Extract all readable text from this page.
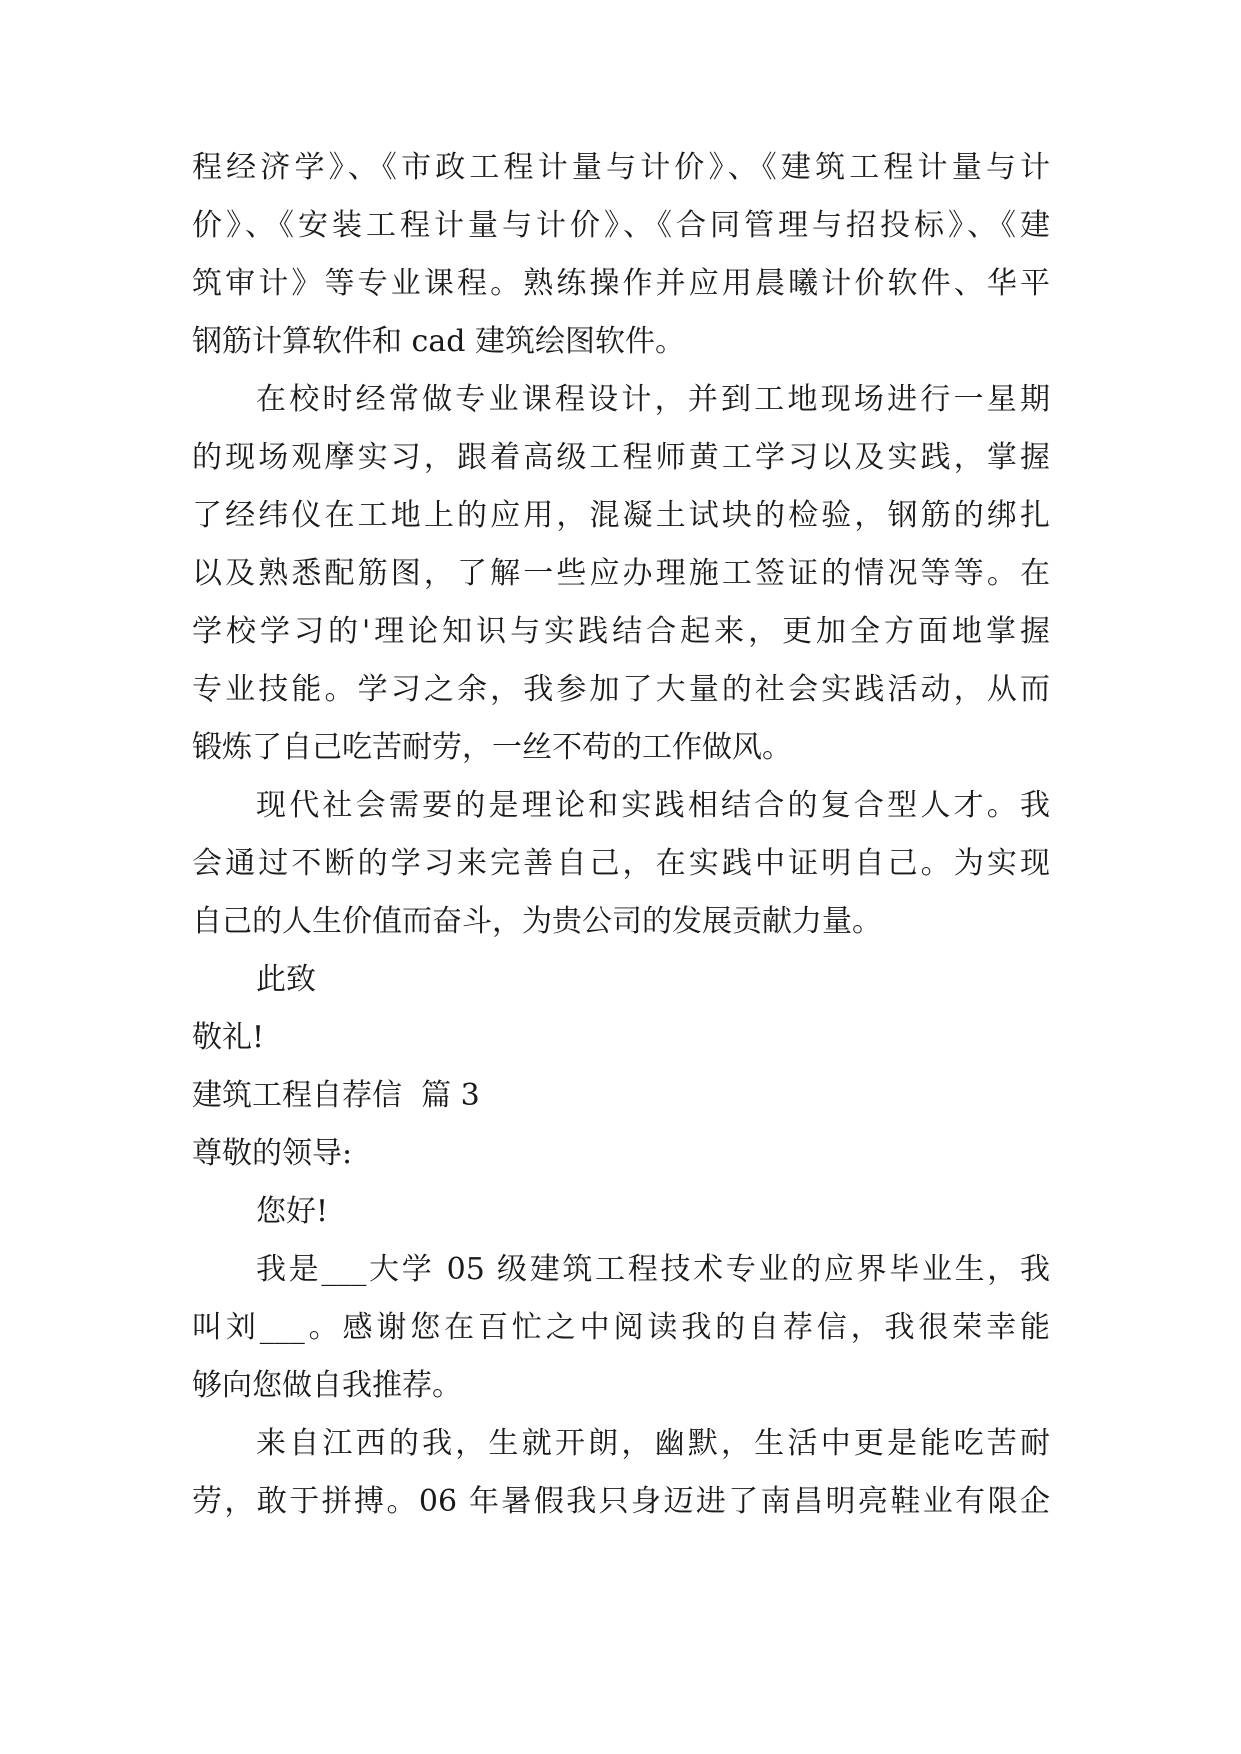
程经济学》、《市政工程计量与计价》、《建筑工程计量与计
价》、《安装工程计量与计价》、《合同管理与招投标》、《建
筑审计》等专业课程。熟练操作并应用晨曦计价软件、华平
钢筋计算软件和 cad 建筑绘图软件。
在校时经常做专业课程设计，并到工地现场进行一星期
的现场观摩实习，跟着高级工程师黄工学习以及实践，掌握
了经纬仪在工地上的应用，混凝土试块的检验，钢筋的绑扎
以及熟悉配筋图，了解一些应办理施工签证的情况等等。在
学校学习的'理论知识与实践结合起来，更加全方面地掌握
专业技能。学习之余，我参加了大量的社会实践活动，从而
锻炼了自己吃苦耐劳，一丝不苟的工作做风。
现代社会需要的是理论和实践相结合的复合型人才。我
会通过不断的学习来完善自己，在实践中证明自己。为实现
自己的人生价值而奋斗，为贵公司的发展贡献力量。
此致
敬礼!
建筑工程自荐信  篇 3
尊敬的领导:
您好!
我是___大学 05 级建筑工程技术专业的应界毕业生，我
叫刘___。感谢您在百忙之中阅读我的自荐信，我很荣幸能
够向您做自我推荐。
来自江西的我，生就开朗，幽默，生活中更是能吃苦耐
劳，敢于拼搏。06 年暑假我只身迈进了南昌明亮鞋业有限企
